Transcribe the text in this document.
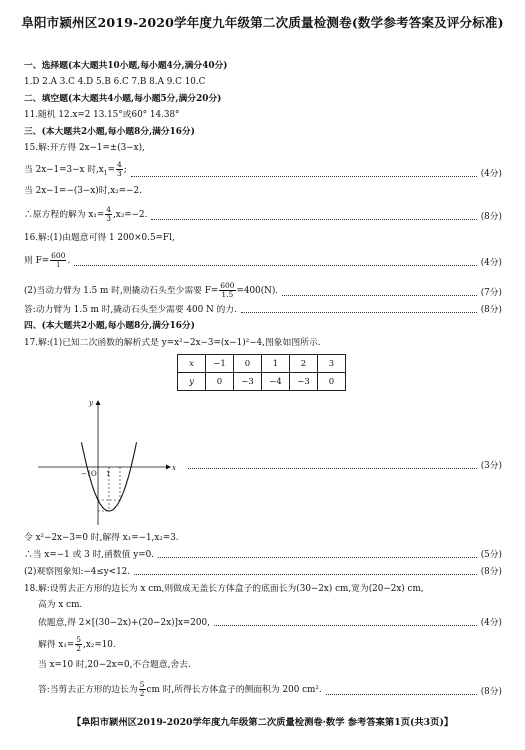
阜阳市颍州区2019-2020学年度九年级第二次质量检测卷(数学参考答案及评分标准)
一、选择题(本大题共10小题,每小题4分,满分40分)
1.D 2.A 3.C 4.D 5.B 6.C 7.B 8.A 9.C 10.C
二、填空题(本大题共4小题,每小题5分,满分20分)
11.随机 12.x=2 13.15°或60° 14.38°
三、(本大题共2小题,每小题8分,满分16分)
15.解:开方得 2x−1=±(3−x),
当 2x−1=3−x 时$,x_1= \frac{4}{3}$ ;	(4分)
当 2x−1=−(3−x)时,x₂=−2.
∴原方程的解为 $x_1= \frac{4}{3} ,x_2=-2$.	(8分)
16.解:(1)由题意可得 1 200×0.5=Fl,
则 $F= \frac{600}{l}$ .	(4分)
(2)当动力臂为 1.5 m 时,则撬动石头至少需要 $F= \frac{600}{1.5} =400(N)$.	(7分)
答:动力臂为 1.5 m 时,撬动石头至少需要 400 N 的力.	(8分)
四、(本大题共2小题,每小题8分,满分16分)
17.解:(1)已知二次函数的解析式是 y=x²−2x−3=(x−1)²−4,图象如图所示.
x	−1	0	1	2	3
y	0	−3	−4	−3	0
x
y
O
−1 1
(3分)
令 x²−2x−3=0 时,解得 x₁=−1,x₂=3.
∴当 x=−1 或 3 时,函数值 y=0.	(5分)
(2)观察图象知:−4≤y<12.	(8分)
18.解:设剪去正方形的边长为 x cm,则做成无盖长方体盒子的底面长为(30−2x) cm,宽为(20−2x) cm,
高为 x cm.
依题意,得 2×[(30−2x)+(20−2x)]x=200,	(4分)
解得 $x_1= \frac{5}{2} ,x_2=10$.
当 x=10 时,20−2x=0,不合题意,舍去.
答:当剪去正方形的边长为 $\frac{5}{2}$ cm 时,所得长方体盒子的侧面积为 200 cm².	(8分)
【阜阳市颍州区2019-2020学年度九年级第二次质量检测卷·数学 参考答案第1页(共3页)】
